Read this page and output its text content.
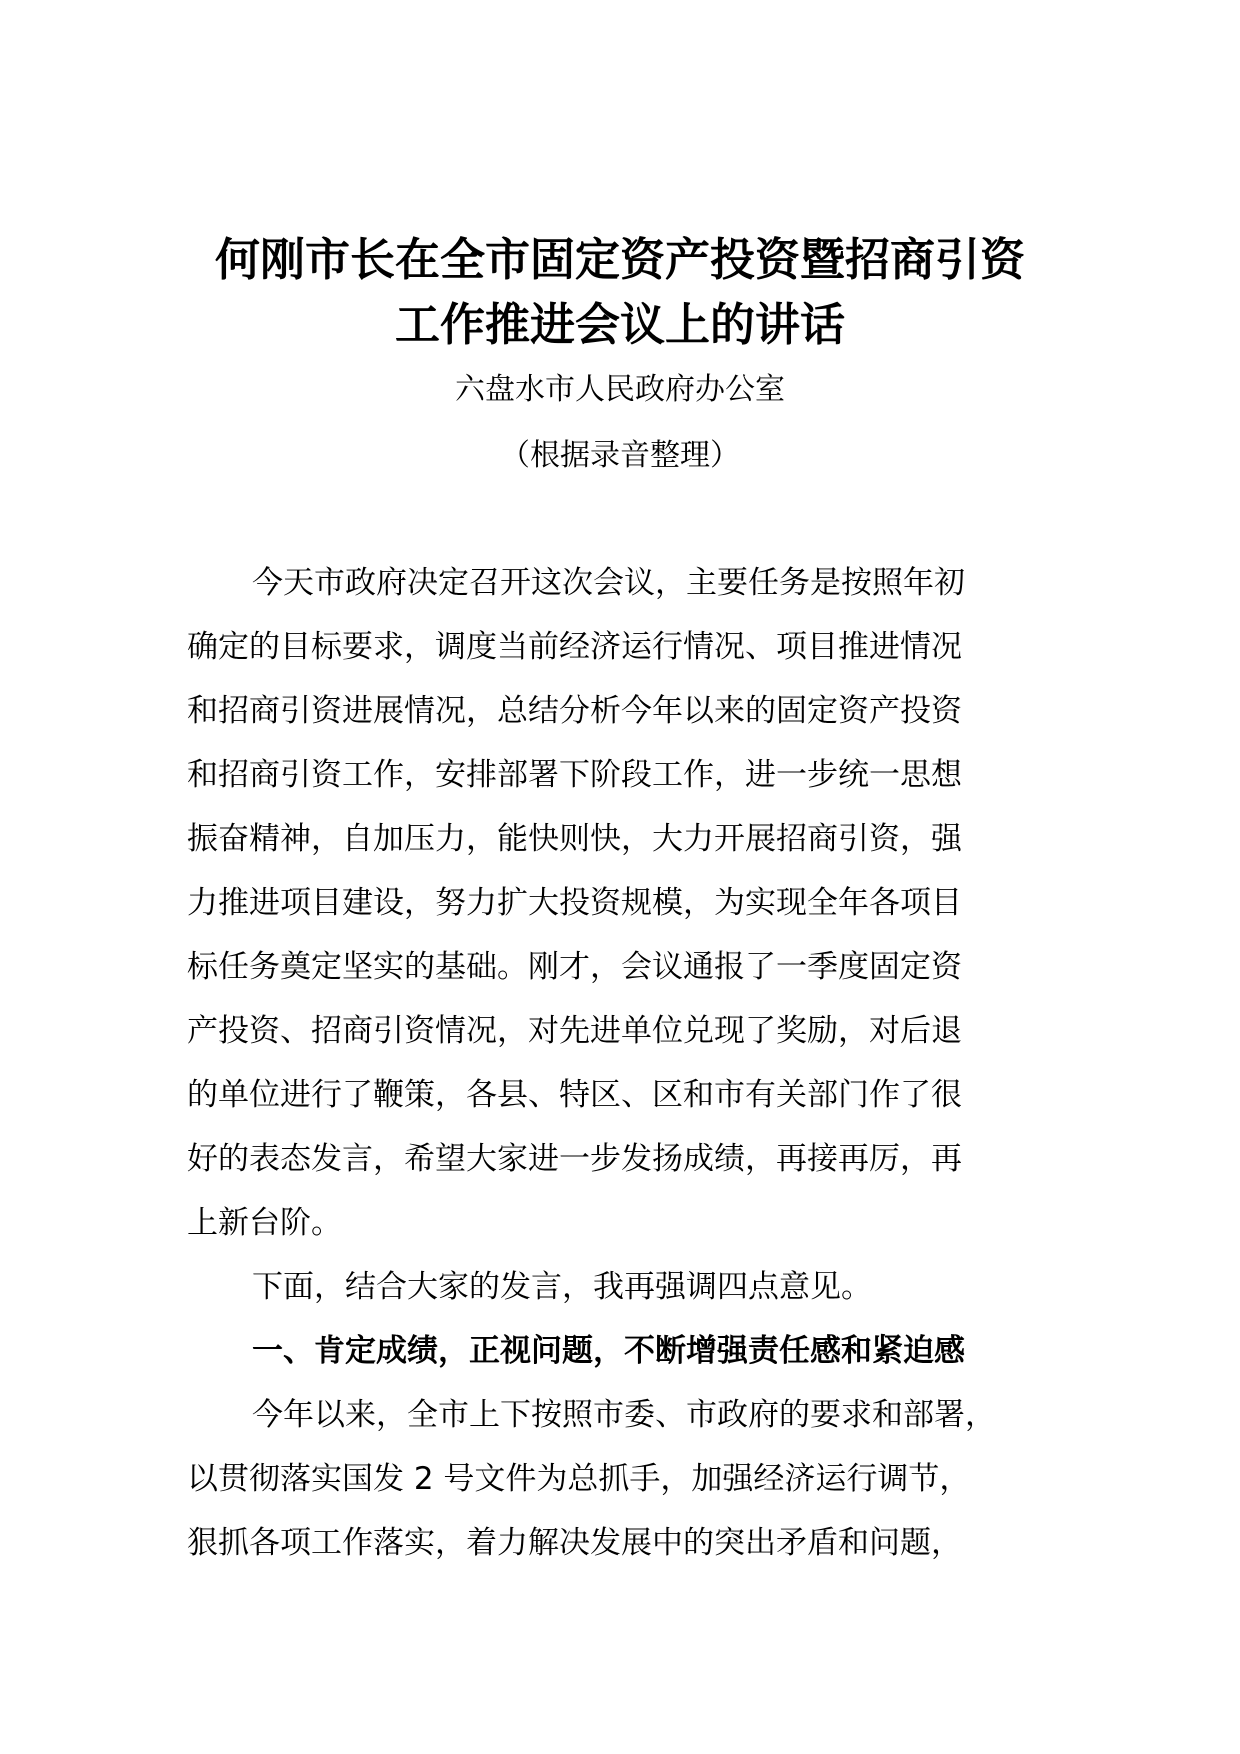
何刚市长在全市固定资产投资暨招商引资
工作推进会议上的讲话
六盘水市人民政府办公室
（根据录音整理）
今天市政府决定召开这次会议，主要任务是按照年初
确定的目标要求，调度当前经济运行情况、项目推进情况
和招商引资进展情况，总结分析今年以来的固定资产投资
和招商引资工作，安排部署下阶段工作，进一步统一思想
振奋精神，自加压力，能快则快，大力开展招商引资，强
力推进项目建设，努力扩大投资规模，为实现全年各项目
标任务奠定坚实的基础。刚才，会议通报了一季度固定资
产投资、招商引资情况，对先进单位兑现了奖励，对后退
的单位进行了鞭策，各县、特区、区和市有关部门作了很
好的表态发言，希望大家进一步发扬成绩，再接再厉，再
上新台阶。
下面，结合大家的发言，我再强调四点意见。
一、肯定成绩，正视问题，不断增强责任感和紧迫感
今年以来，全市上下按照市委、市政府的要求和部署，
以贯彻落实国发 2 号文件为总抓手，加强经济运行调节，
狠抓各项工作落实，着力解决发展中的突出矛盾和问题，
